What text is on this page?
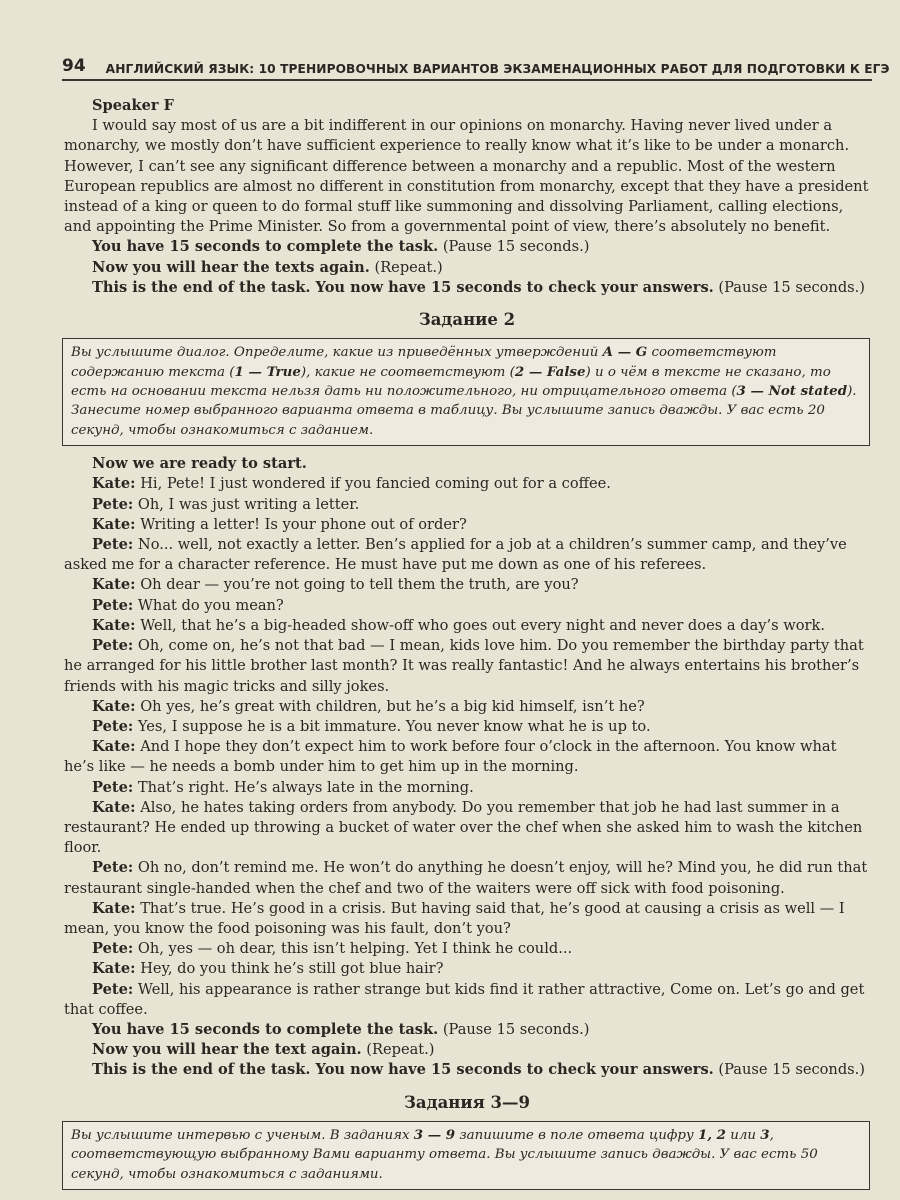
94 АНГЛИЙСКИЙ ЯЗЫК: 10 ТРЕНИРОВОЧНЫХ ВАРИАНТОВ ЭКЗАМЕНАЦИОННЫХ РАБОТ ДЛЯ ПОДГОТОВКИ К ЕГЭ

Speaker F

I would say most of us are a bit indifferent in our opinions on monarchy. Having never lived under a monarchy, we mostly don’t have sufficient experience to really know what it’s like to be under a monarch. However, I can’t see any significant difference between a monarchy and a republic. Most of the western European republics are almost no different in constitution from monarchy, except that they have a president instead of a king or queen to do formal stuff like summoning and dissolving Parliament, calling elections, and appointing the Prime Minister. So from a governmental point of view, there’s absolutely no benefit.

You have 15 seconds to complete the task. (Pause 15 seconds.)

Now you will hear the texts again. (Repeat.)

This is the end of the task. You now have 15 seconds to check your answers. (Pause 15 seconds.)

Задание 2
Вы услышите диалог. Определите, какие из приведённых утверждений A — G соответствуют содержанию текста (1 — True), какие не соответствуют (2 — False) и о чём в тексте не сказано, то есть на основании текста нельзя дать ни положительного, ни отрицательного ответа (3 — Not stated). Занесите номер выбранного варианта ответа в таблицу. Вы услышите запись дважды. У вас есть 20 секунд, чтобы ознакомиться с заданием.

Now we are ready to start.

Kate: Hi, Pete! I just wondered if you fancied coming out for a coffee.

Pete: Oh, I was just writing a letter.

Kate: Writing a letter! Is your phone out of order?

Pete: No... well, not exactly a letter. Ben’s applied for a job at a children’s summer camp, and they’ve asked me for a character reference. He must have put me down as one of his referees.

Kate: Oh dear — you’re not going to tell them the truth, are you?

Pete: What do you mean?

Kate: Well, that he’s a big-headed show-off who goes out every night and never does a day’s work.

Pete: Oh, come on, he’s not that bad — I mean, kids love him. Do you remember the birthday party that he arranged for his little brother last month? It was really fantastic! And he always entertains his brother’s friends with his magic tricks and silly jokes.

Kate: Oh yes, he’s great with children, but he’s a big kid himself, isn’t he?

Pete: Yes, I suppose he is a bit immature. You never know what he is up to.

Kate: And I hope they don’t expect him to work before four o’clock in the afternoon. You know what he’s like — he needs a bomb under him to get him up in the morning.

Pete: That’s right. He’s always late in the morning.

Kate: Also, he hates taking orders from anybody. Do you remember that job he had last summer in a restaurant? He ended up throwing a bucket of water over the chef when she asked him to wash the kitchen floor.

Pete: Oh no, don’t remind me. He won’t do anything he doesn’t enjoy, will he? Mind you, he did run that restaurant single-handed when the chef and two of the waiters were off sick with food poisoning.

Kate: That’s true. He’s good in a crisis. But having said that, he’s good at causing a crisis as well — I mean, you know the food poisoning was his fault, don’t you?

Pete: Oh, yes — oh dear, this isn’t helping. Yet I think he could...

Kate: Hey, do you think he’s still got blue hair?

Pete: Well, his appearance is rather strange but kids find it rather attractive, Come on. Let’s go and get that coffee.

You have 15 seconds to complete the task. (Pause 15 seconds.)

Now you will hear the text again. (Repeat.)

This is the end of the task. You now have 15 seconds to check your answers. (Pause 15 seconds.)

Задания 3—9
Вы услышите интервью с ученым. В заданиях 3 — 9 запишите в поле ответа цифру 1, 2 или 3, соответствующую выбранному Вами варианту ответа. Вы услышите запись дважды. У вас есть 50 секунд, чтобы ознакомиться с заданиями.
